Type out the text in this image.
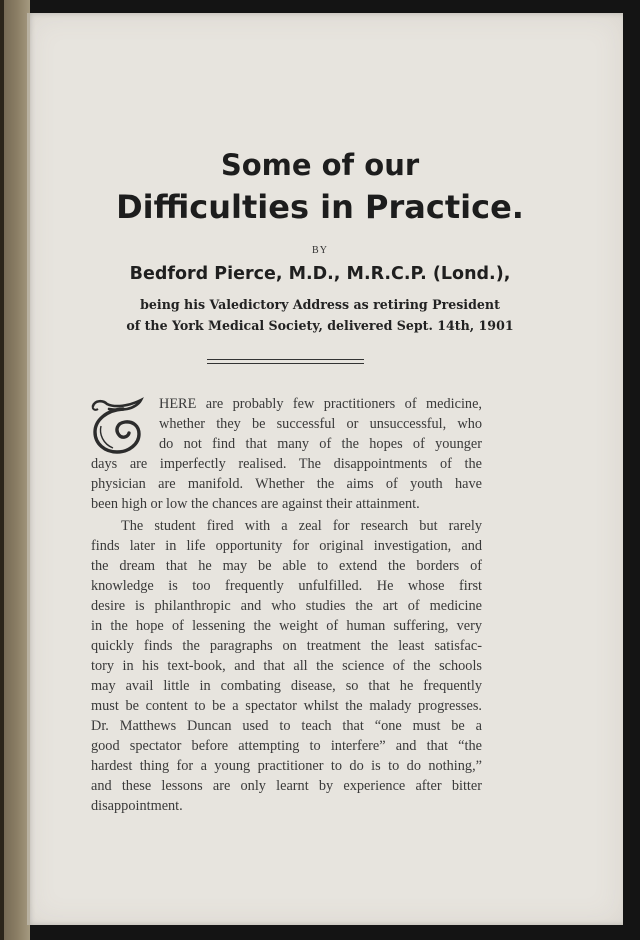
Some of our
Difficulties in Practice.
BY
Bedford Pierce, M.D., M.R.C.P. (Lond.),
being his Valedictory Address as retiring President
of the York Medical Society, delivered Sept. 14th, 1901
HERE are probably few practitioners of medicine,
whether they be successful or unsuccessful, who
do not find that many of the hopes of younger
days are imperfectly realised. The disappointments of the
physician are manifold. Whether the aims of youth have
been high or low the chances are against their attainment.
The student fired with a zeal for research but rarely
finds later in life opportunity for original investigation, and
the dream that he may be able to extend the borders of
knowledge is too frequently unfulfilled. He whose first
desire is philanthropic and who studies the art of medicine
in the hope of lessening the weight of human suffering, very
quickly finds the paragraphs on treatment the least satisfac-
tory in his text-book, and that all the science of the schools
may avail little in combating disease, so that he frequently
must be content to be a spectator whilst the malady progresses.
Dr. Matthews Duncan used to teach that “one must be a
good spectator before attempting to interfere” and that “the
hardest thing for a young practitioner to do is to do nothing,”
and these lessons are only learnt by experience after bitter
disappointment.
